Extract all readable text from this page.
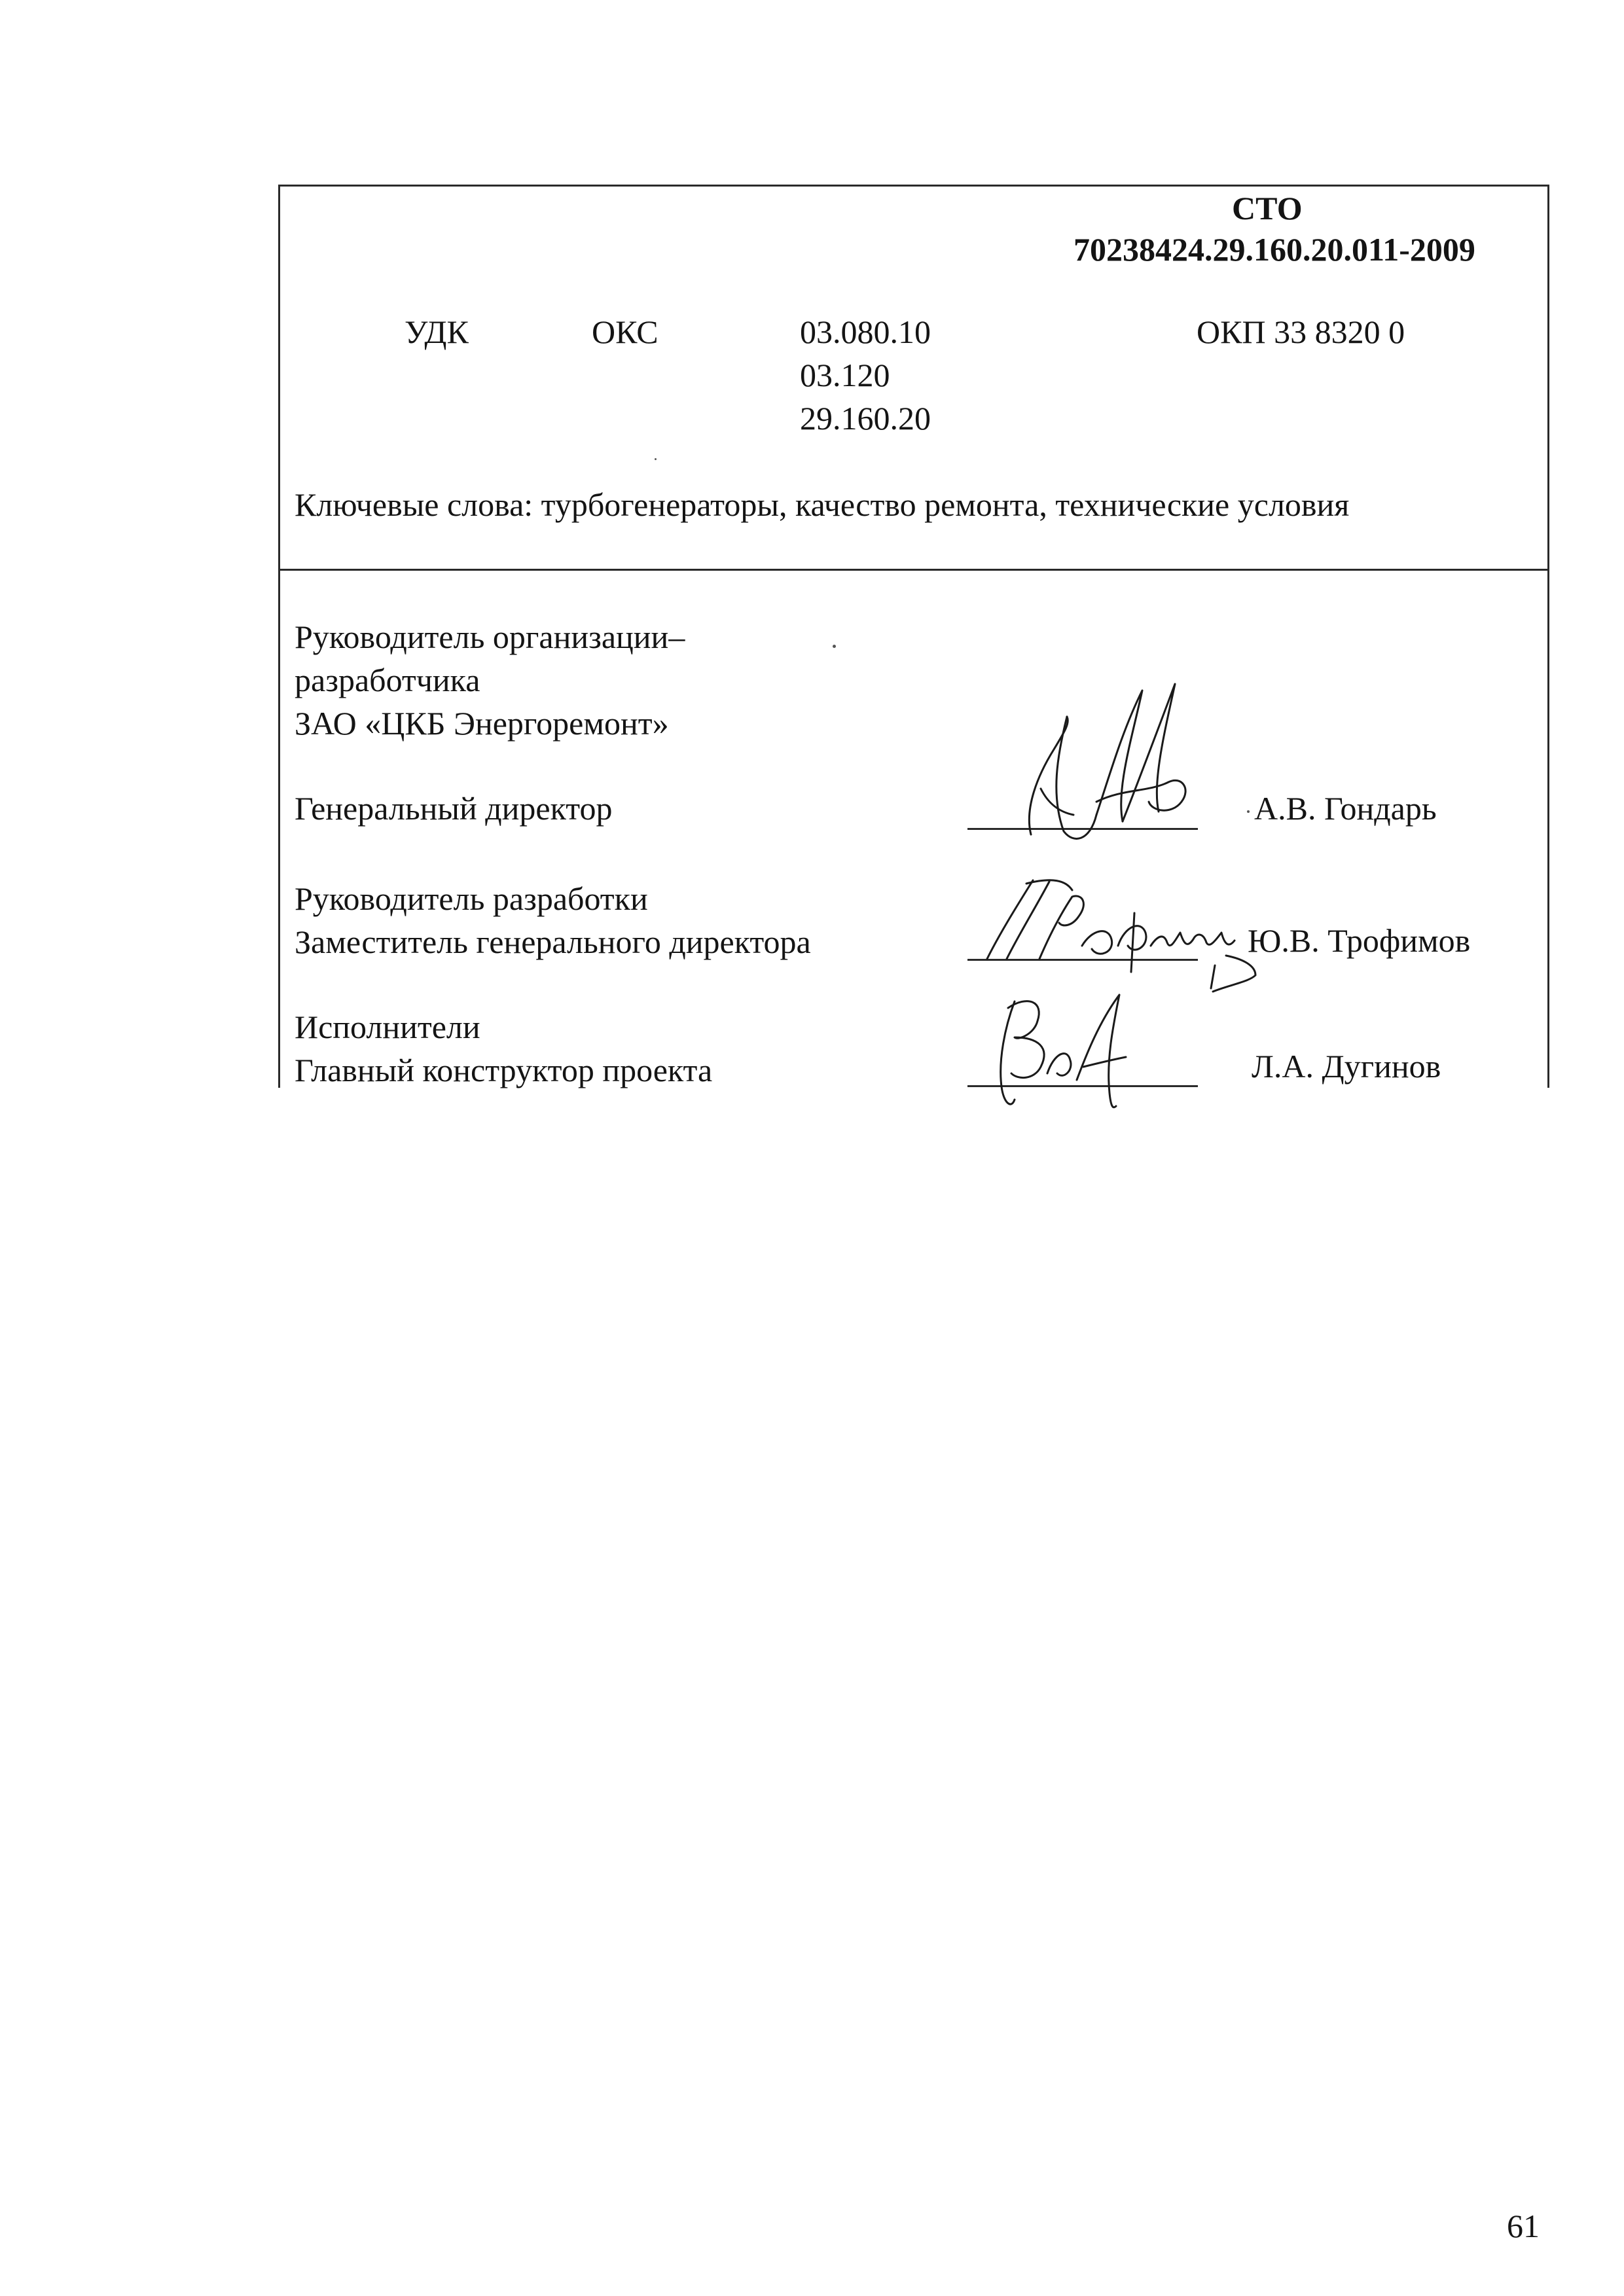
СТО
70238424.29.160.20.011-2009
УДК	ОКС	03.080.10
03.120
29.160.20
ОКП 33 8320 0
Ключевые слова: турбогенераторы, качество ремонта, технические условия
Руководитель организации–
разработчика
ЗАО «ЦКБ Энергоремонт»
Генеральный директор	А.В. Гондарь
Руководитель разработки
Заместитель генерального директора	Ю.В. Трофимов
Исполнители
Главный конструктор проекта	Л.А. Дугинов
61
